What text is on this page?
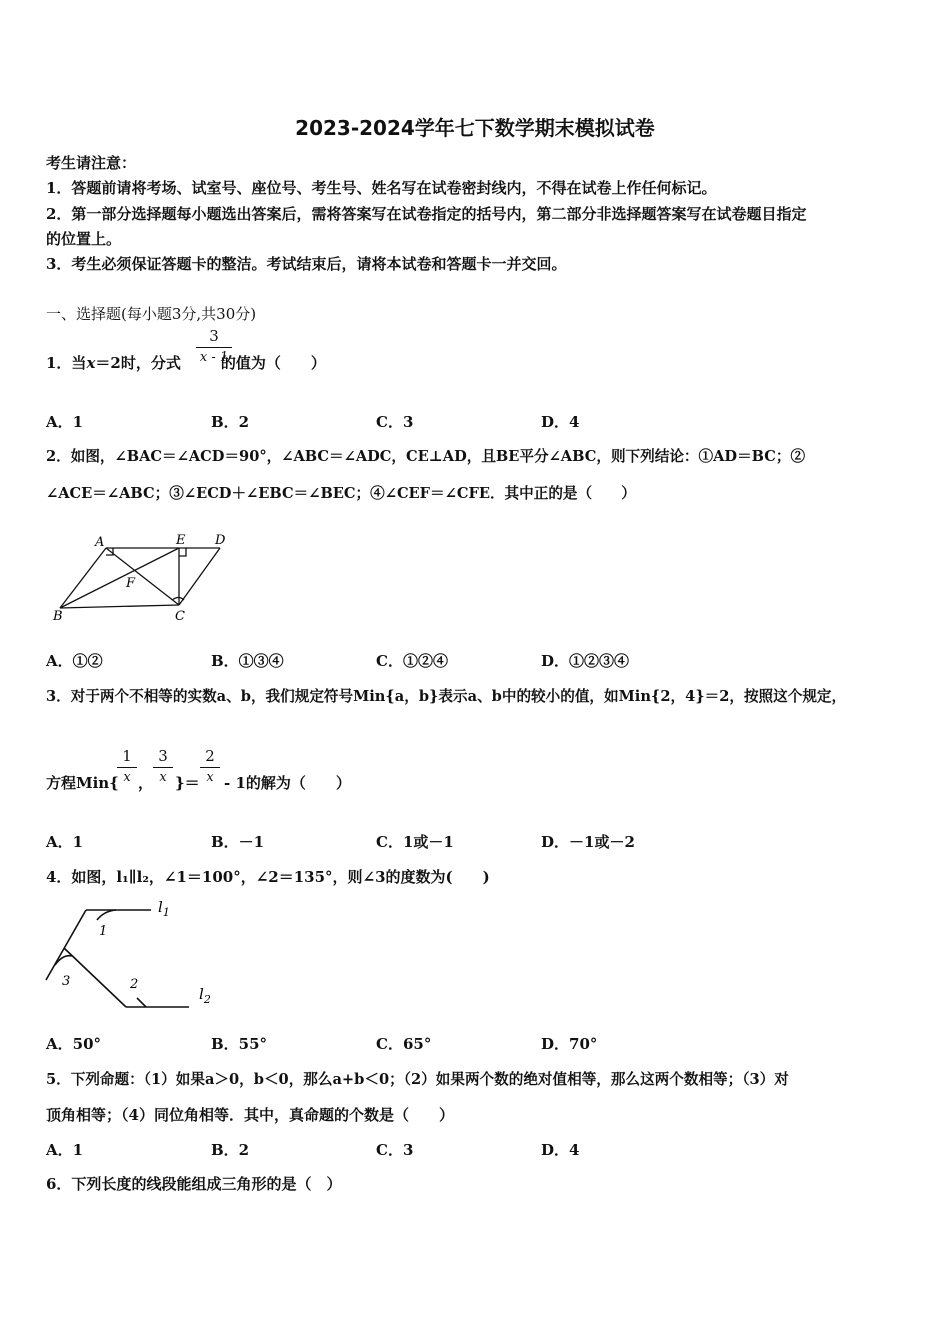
2023-2024学年七下数学期末模拟试卷
考生请注意：
1．答题前请将考场、试室号、座位号、考生号、姓名写在试卷密封线内，不得在试卷上作任何标记。
2．第一部分选择题每小题选出答案后，需将答案写在试卷指定的括号内，第二部分非选择题答案写在试卷题目指定
的位置上。
3．考生必须保证答题卡的整洁。考试结束后，请将本试卷和答题卡一并交回。
一、选择题(每小题3分,共30分)
1．当x＝2时，分式	的值为（　　）
3
x - 1
A．1	B．2	C．3	D．4
2．如图，∠BAC＝∠ACD＝90°，∠ABC＝∠ADC，CE⊥AD，且BE平分∠ABC，则下列结论：①AD＝BC；②
∠ACE＝∠ABC；③∠ECD＋∠EBC＝∠BEC；④∠CEF＝∠CFE．其中正的是（　　）
A	E D
F
B	C
A．①②	B．①③④	C．①②④	D．①②③④
3．对于两个不相等的实数a、b，我们规定符号Min{a，b}表示a、b中的较小的值，如Min{2，4}＝2，按照这个规定，
方程Min{
1
x ，
3
x }＝
2
x - 1的解为（　　）
A．1	B．－1	C．1或－1	D．－1或－2
4．如图，l₁∥l₂，∠1＝100°，∠2＝135°，则∠3的度数为(　　)
$l_1$
$l_2$
1
3	2
A．50°	B．55°	C．65°	D．70°
5．下列命题：（1）如果a＞0，b＜0，那么a+b＜0；（2）如果两个数的绝对值相等，那么这两个数相等；（3）对
顶角相等；（4）同位角相等．其中，真命题的个数是（　　）
A．1	B．2	C．3	D．4
6．下列长度的线段能组成三角形的是（　）
